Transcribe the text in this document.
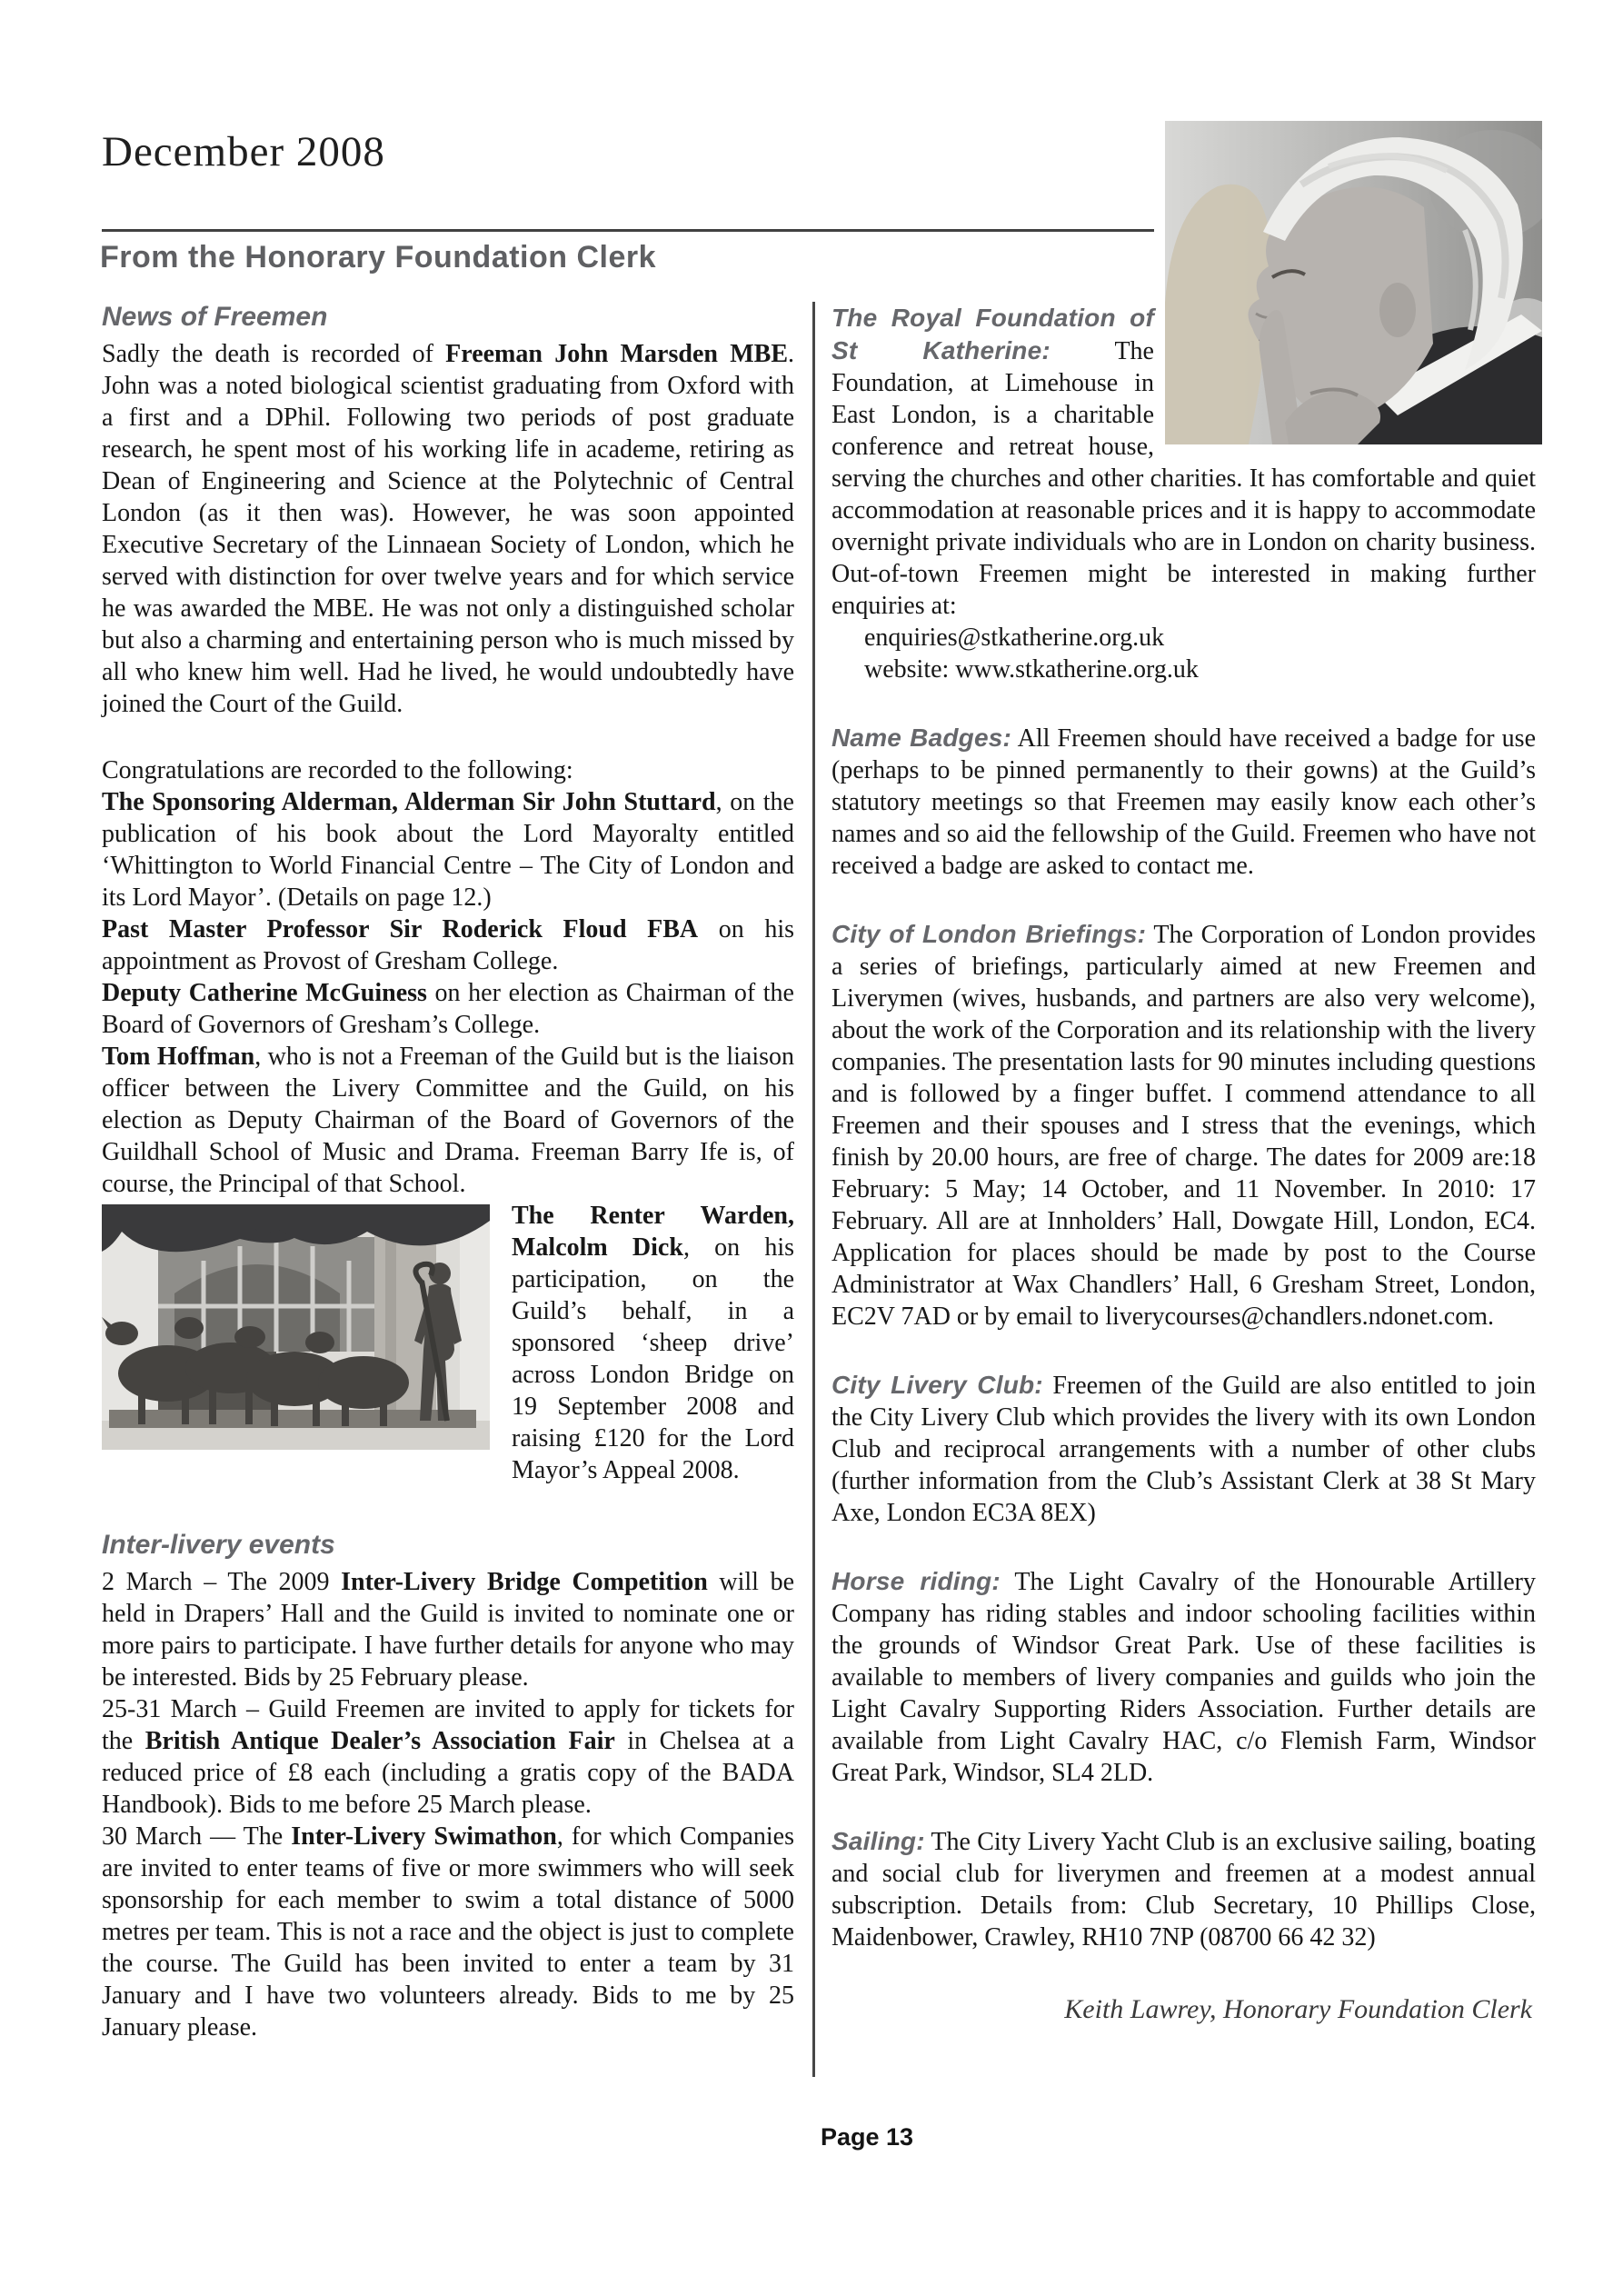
December 2008
From the Honorary Foundation Clerk
News of Freemen

Sadly the death is recorded of Freeman John Marsden MBE. John was a noted biological scientist graduating from Oxford with a first and a DPhil. Following two periods of post graduate research, he spent most of his working life in academe, retiring as Dean of Engineering and Science at the Polytechnic of Central London (as it then was). However, he was soon appointed Executive Secretary of the Linnaean Society of London, which he served with distinction for over twelve years and for which service he was awarded the MBE. He was not only a distinguished scholar but also a charming and entertaining person who is much missed by all who knew him well. Had he lived, he would undoubtedly have joined the Court of the Guild.

Congratulations are recorded to the following:

The Sponsoring Alderman, Alderman Sir John Stuttard, on the publication of his book about the Lord Mayoralty entitled ‘Whittington to World Financial Centre – The City of London and its Lord Mayor’. (Details on page 12.)

Past Master Professor Sir Roderick Floud FBA on his appointment as Provost of Gresham College.

Deputy Catherine McGuiness on her election as Chairman of the Board of Governors of Gresham’s College.

Tom Hoffman, who is not a Freeman of the Guild but is the liaison officer between the Livery Committee and the Guild, on his election as Deputy Chairman of the Board of Governors of the Guildhall School of Music and Drama. Freeman Barry Ife is, of course, the Principal of that School.

The Renter Warden, Malcolm Dick, on his participation, on the Guild’s behalf, in a sponsored ‘sheep drive’ across London Bridge on 19 September 2008 and raising £120 for the Lord Mayor’s Appeal 2008.

Inter-livery events

2 March – The 2009 Inter-Livery Bridge Competition will be held in Drapers’ Hall and the Guild is invited to nominate one or more pairs to participate. I have further details for anyone who may be interested. Bids by 25 February please.

25-31 March – Guild Freemen are invited to apply for tickets for the British Antique Dealer’s Association Fair in Chelsea at a reduced price of £8 each (including a gratis copy of the BADA Handbook). Bids to me before 25 March please.

30 March — The Inter-Livery Swimathon, for which Companies are invited to enter teams of five or more swimmers who will seek sponsorship for each member to swim a total distance of 5000 metres per team. This is not a race and the object is just to complete the course. The Guild has been invited to enter a team by 31 January and I have two volunteers already. Bids to me by 25 January please.

The Royal Foundation of St Katherine: The Foundation, at Limehouse in East London, is a charitable conference and retreat house, serving the churches and other charities. It has comfortable and quiet accommodation at reasonable prices and it is happy to accommodate overnight private individuals who are in London on charity business. Out-of-town Freemen might be interested in making further enquiries at:

enquiries@stkatherine.org.uk
website: www.stkatherine.org.uk

Name Badges: All Freemen should have received a badge for use (perhaps to be pinned permanently to their gowns) at the Guild’s statutory meetings so that Freemen may easily know each other’s names and so aid the fellowship of the Guild. Freemen who have not received a badge are asked to contact me.

City of London Briefings: The Corporation of London provides a series of briefings, particularly aimed at new Freemen and Liverymen (wives, husbands, and partners are also very welcome), about the work of the Corporation and its relationship with the livery companies. The presentation lasts for 90 minutes including questions and is followed by a finger buffet. I commend attendance to all Freemen and their spouses and I stress that the evenings, which finish by 20.00 hours, are free of charge. The dates for 2009 are:18 February: 5 May; 14 October, and 11 November. In 2010: 17 February. All are at Innholders’ Hall, Dowgate Hill, London, EC4. Application for places should be made by post to the Course Administrator at Wax Chandlers’ Hall, 6 Gresham Street, London, EC2V 7AD or by email to liverycourses@chandlers.ndonet.com.

City Livery Club: Freemen of the Guild are also entitled to join the City Livery Club which provides the livery with its own London Club and reciprocal arrangements with a number of other clubs (further information from the Club’s Assistant Clerk at 38 St Mary Axe, London EC3A 8EX)

Horse riding: The Light Cavalry of the Honourable Artillery Company has riding stables and indoor schooling facilities within the grounds of Windsor Great Park. Use of these facilities is available to members of livery companies and guilds who join the Light Cavalry Supporting Riders Association. Further details are available from Light Cavalry HAC, c/o Flemish Farm, Windsor Great Park, Windsor, SL4 2LD.

Sailing: The City Livery Yacht Club is an exclusive sailing, boating and social club for liverymen and freemen at a modest annual subscription. Details from: Club Secretary, 10 Phillips Close, Maidenbower, Crawley, RH10 7NP (08700 66 42 32)

Keith Lawrey, Honorary Foundation Clerk
Page 13
